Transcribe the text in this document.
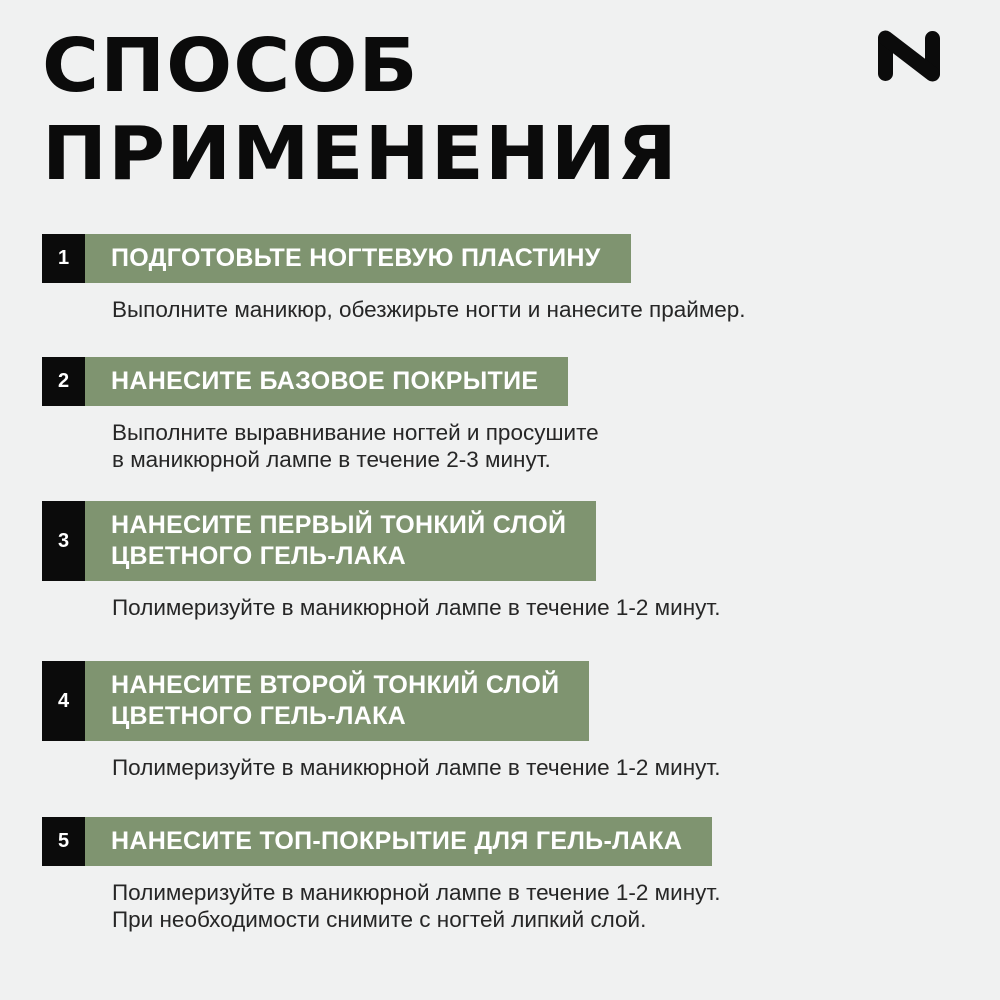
СПОСОБ
ПРИМЕНЕНИЯ
1	ПОДГОТОВЬТЕ НОГТЕВУЮ ПЛАСТИНУ
Выполните маникюр, обезжирьте ногти и нанесите праймер.
2	НАНЕСИТЕ БАЗОВОЕ ПОКРЫТИЕ
Выполните выравнивание ногтей и просушите
в маникюрной лампе в течение 2-3 минут.
3
НАНЕСИТЕ ПЕРВЫЙ ТОНКИЙ СЛОЙ
ЦВЕТНОГО ГЕЛЬ-ЛАКА
Полимеризуйте в маникюрной лампе в течение 1-2 минут.
4
НАНЕСИТЕ ВТОРОЙ ТОНКИЙ СЛОЙ
ЦВЕТНОГО ГЕЛЬ-ЛАКА
Полимеризуйте в маникюрной лампе в течение 1-2 минут.
5	НАНЕСИТЕ ТОП-ПОКРЫТИЕ ДЛЯ ГЕЛЬ-ЛАКА
Полимеризуйте в маникюрной лампе в течение 1-2 минут.
При необходимости снимите с ногтей липкий слой.
